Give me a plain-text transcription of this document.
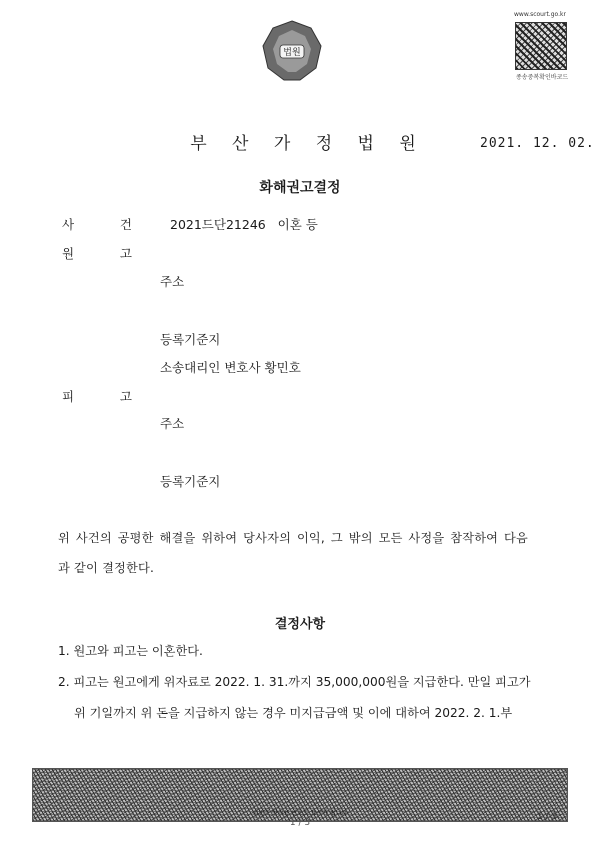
법원
www.scourt.go.kr
종송중복확인바코드
부 산 가 정 법 원	2021. 12. 02.
화해권고결정
사	건	2021드단21246   이혼 등
원	고
주소
등록기준지
소송대리인 변호사 황민호
피	고
주소
등록기준지
위 사건의 공평한 해결을 위하여 당사자의 이익, 그 밖의 모든 사정을 참작하여 다음
과 같이 결정한다.
결정사항
1. 원고와 피고는 이혼한다.
2. 피고는 원고에게 위자료로 2022. 1. 31.까지 35,000,000원을 지급한다. 만일 피고가
위 기일까지 위 돈을 지급하지 않는 경우 미지급금액 및 이에 대하여 2022. 2. 1.부
위변조 방지용 번호도 표시가 됩니다
1 / 3
1 / 3
